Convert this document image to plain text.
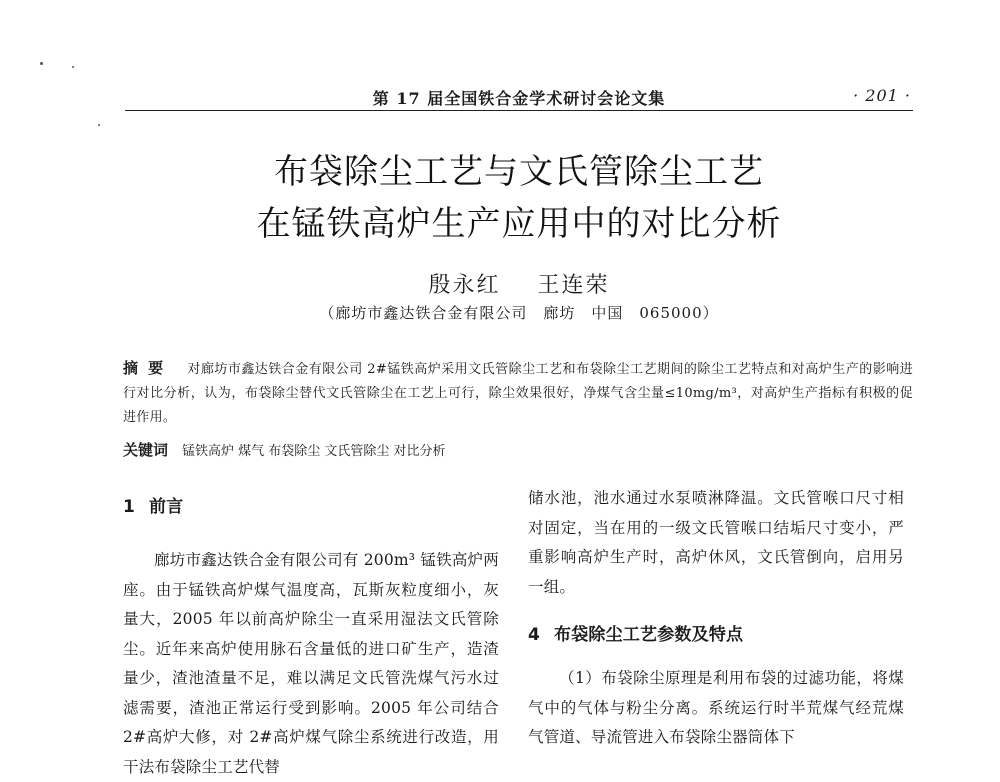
第 17 届全国铁合金学术研讨会论文集	· 201 ·
布袋除尘工艺与文氏管除尘工艺
在锰铁高炉生产应用中的对比分析
殷永红 王连荣
（廊坊市鑫达铁合金有限公司　廊坊　中国　065000）
摘要 对廊坊市鑫达铁合金有限公司 2#锰铁高炉采用文氏管除尘工艺和布袋除尘工艺期间的除尘工艺特点和对高炉生产的影响进行对比分析，认为，布袋除尘替代文氏管除尘在工艺上可行，除尘效果很好，净煤气含尘量≤10mg/m³，对高炉生产指标有积极的促进作用。
关键词 锰铁高炉 煤气 布袋除尘 文氏管除尘 对比分析
1 前言

廊坊市鑫达铁合金有限公司有 200m³ 锰铁高炉两座。由于锰铁高炉煤气温度高，瓦斯灰粒度细小，灰量大，2005 年以前高炉除尘一直采用湿法文氏管除尘。近年来高炉使用脉石含量低的进口矿生产，造渣量少，渣池渣量不足，难以满足文氏管洗煤气污水过滤需要，渣池正常运行受到影响。2005 年公司结合 2#高炉大修，对 2#高炉煤气除尘系统进行改造，用干法布袋除尘工艺代替

储水池，池水通过水泵喷淋降温。文氏管喉口尺寸相对固定，当在用的一级文氏管喉口结垢尺寸变小，严重影响高炉生产时，高炉休风，文氏管倒向，启用另一组。

4 布袋除尘工艺参数及特点

（1）布袋除尘原理是利用布袋的过滤功能，将煤气中的气体与粉尘分离。系统运行时半荒煤气经荒煤气管道、导流管进入布袋除尘器筒体下
